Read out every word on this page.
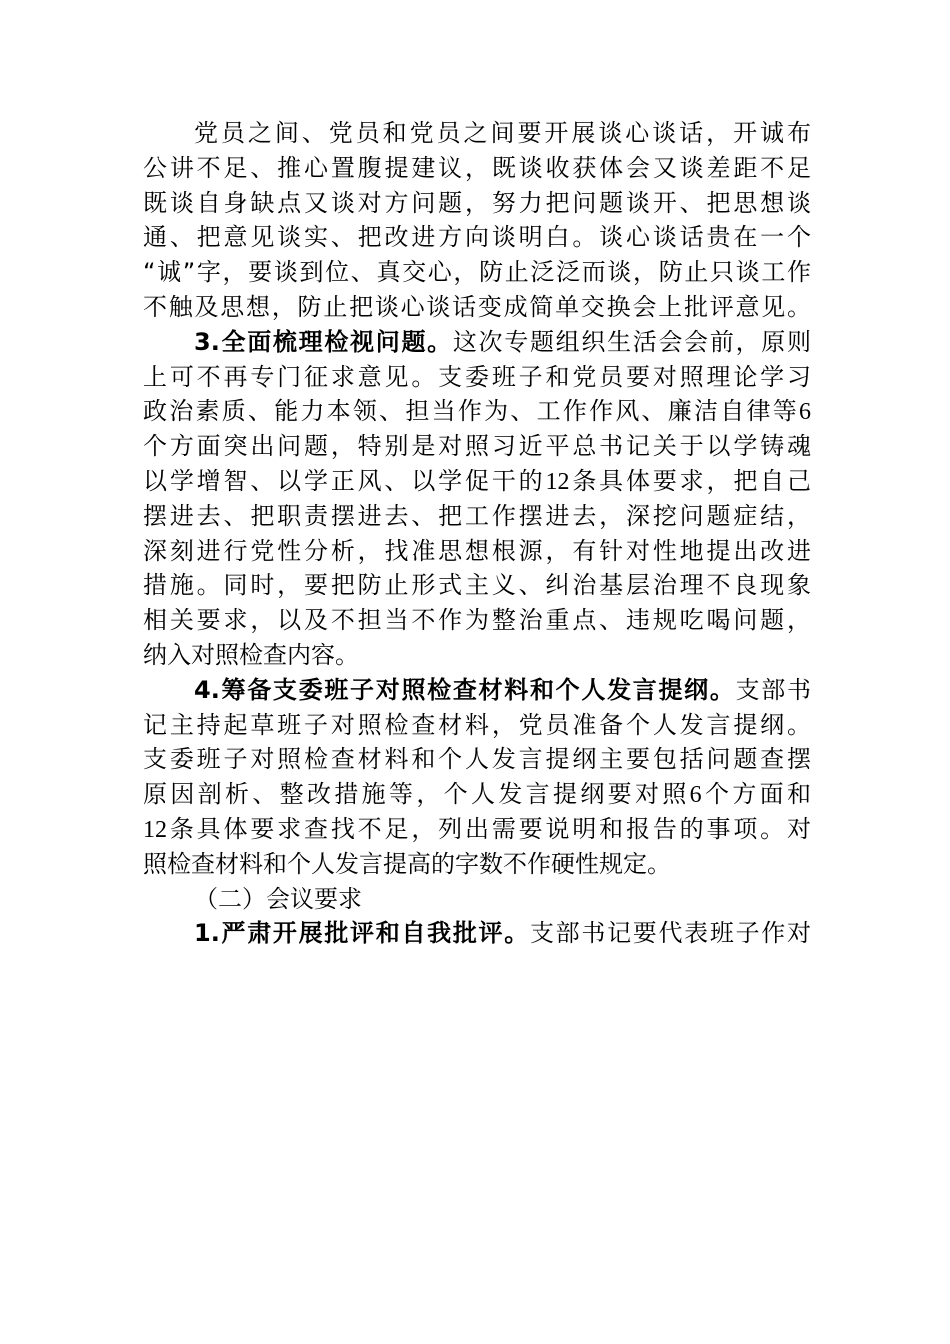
党员之间、党员和党员之间要开展谈心谈话，开诚布
公讲不足、推心置腹提建议，既谈收获体会又谈差距不足
既谈自身缺点又谈对方问题，努力把问题谈开、把思想谈
通、把意见谈实、把改进方向谈明白。谈心谈话贵在一个
“诚”字，要谈到位、真交心，防止泛泛而谈，防止只谈工作
不触及思想，防止把谈心谈话变成简单交换会上批评意见。
3.全面梳理检视问题。这次专题组织生活会会前，原则
上可不再专门征求意见。支委班子和党员要对照理论学习
政治素质、能力本领、担当作为、工作作风、廉洁自律等6
个方面突出问题，特别是对照习近平总书记关于以学铸魂
以学增智、以学正风、以学促干的12条具体要求，把自己
摆进去、把职责摆进去、把工作摆进去，深挖问题症结，
深刻进行党性分析，找准思想根源，有针对性地提出改进
措施。同时，要把防止形式主义、纠治基层治理不良现象
相关要求，以及不担当不作为整治重点、违规吃喝问题，
纳入对照检查内容。
4.筹备支委班子对照检查材料和个人发言提纲。支部书
记主持起草班子对照检查材料，党员准备个人发言提纲。
支委班子对照检查材料和个人发言提纲主要包括问题查摆
原因剖析、整改措施等，个人发言提纲要对照6个方面和
12条具体要求查找不足，列出需要说明和报告的事项。对
照检查材料和个人发言提高的字数不作硬性规定。
（二）会议要求
1.严肃开展批评和自我批评。支部书记要代表班子作对
